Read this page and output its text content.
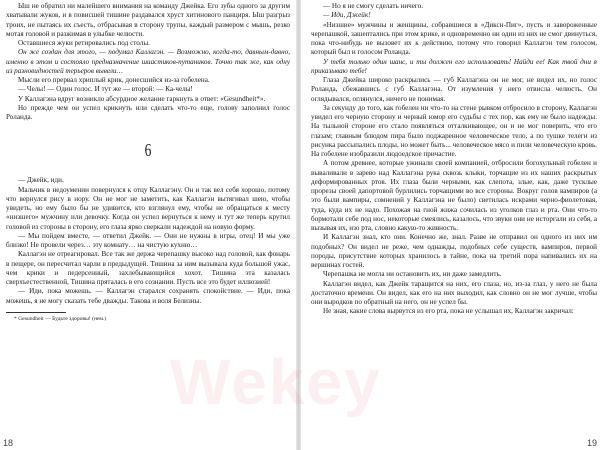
Ыш не обратил ни малейшего внимания на команду Джейка. Его зубы одного за другим хватывали жуков, и в повисшей тишине раздавался хруст хитинового панциря. Ыш разгрыз троих, не пытаясь их съесть, отбрасывая в сторону трупы, каждый размером с мышь, резко мотая головой и разжимая в улыбке челюсти.

Оставшиеся жуки ретировались под столы.

Он же создан для этого, — подумал Каллагэн. — Возможно, когда-то, давным-давно, именно в этом и состояло предназначение шиастиков-путаников. Точно так же, как одну из разновидностей терьеров вывели…

Мысли его прервал хриплый крик, донесшийся из-за гобелена.

— Челы! — Один голос. И тут же — второй: — Ка-челы!

У Каллагэна вдруг возникло абсурдное желание гаркнуть в ответ: «Gesundheit*».

Но прежде чем он успел крикнуть или сделать что-то еще, голову заполнил голос Роланда.

6

— Джейк, иди.

Мальчик в недоумении повернулся к отцу Каллагэну. Он и так вел себя хорошо, потому что вернулся рису в нору. Он не мог не заметить, как Каллагэн вытягивал шею, чтобы увидеть, но ему было бы не удивится, кто взглянул ему, чтобы не обращаться к месту «низшего» мужчину или девочку. Когда он успел вернуться к нему и тут же теперь крутил головой из стороны в сторону, его глаза ярко сверкали надеждой на новую форму.

— Мы пойдем вместе, — ответил Джейк. — Они не нужны в игры, отец! И мы уже близко! Не провели через… эту комнату… на чистую кухню…

Каллагэн не отреагировал. Все так же держа черепашку высоко над головой, как фонарь в пещере, он пересчитал чарли в предыдущей. Тишина за ним вызывала куда большой ужас, чем крики и педерсенный, захлебывающийся хохот. Тишина эта казалась сверхъестественной, Тишина пряталась в его сознании. Пусть все это будет иллюзией!

— Иди, пока можешь. — Каллагэн старался сохранять спокойствие. — Иди, пока можешь, я не могу сказать тебе дважды. Такова и воля Белизны.

* Gesundheit — Будьте здоровы! (нем.)

18

— Но я не смогу сделать ничего.

— Иди, Джейк!

«Низшие» мужчины и женщины, собравшиеся в «Диксн-Пиг», пусть и завороженные черепашкой, зашептались при этом крике, и одновременно ни один из них не смог двинуться, пока что-нибудь не вызовет их к действию, потому что говорил Каллагэн тем голосом, который был и голосом Роланда.

У тебя только один шанс, и ты должен его использовать! Найди ее! Как твой дни я приказываю тебе!

Глаза Джейка широко раскрылись — губ Каллагэна он не мог, не видел их, но голос Роланда, сбежавшись с губ Каллагэна. От изумления у него отвисла челюсть. Он оглядывался, оглянулся, ничего не понимая.

За секунду до того, как гобелен ни что-то на стене рывком отбросило в сторону, Каллагэн увидел его черную сторону и черный юмор его судьбы с тех пор, как ему не было надежды. На тыльной стороне его стало появляться отталкивающее, он и не мог поверить, что его глазам; главным блюдом пира было поджаренное человеческое тело, а по тушке телеги из рисунка рассыпались плоды, но может быть... человеческое мясо и пили человеческую кровь. На гобелене изобразили людоедское причастие.

А потом древнее, которые ужинали своей компанией, отбросили богохульный гобелен и вываливали в зарево над Каллагэна рука сквозь клыки, торчащие из их наших раскрытых деформированных ртов. Их глаза были черными, как слепота, злые, как, даже тусклые прорезы своей дапортовой бурлились торчащими во все стороны. Вокруг голов вампиров (а это были вампиры, сомнений у Каллагэна не было) светилась искрами черно-фиолетовая, туда, куда их не надо. Похожая на гной жижа сочилась из уголков глаз и рта. Они что-то бормотали себе под нос, некоторые смеялись, казалось, что звуки они не исторгали из себя, а вызывая их, изо рта, словно какую-то живность.

И Каллагэн знал, кто они. Конечно же, знал. Разве не отправил он одного из них им подобных? Он видел не реже, чем однажды, подобных себе существ, вампиров, первой породы, присутствие которых хранилось в тайне, пока на третий пора напивались их на вершинах гостей.

Черепашка не могла ни остановить их, ни даже замедлить.

Каллагэн видел, как Джейк таращится на них, его глаза, но, из-за глаз, у него не была достаточно времени. Он видел, как его на них выходил, как словно он не мог лучше, чтобы они выродков по обратный на него, он не успел бы.

Не зная, какие слова вырвутся из его рта, пока не услышал их, Каллагэн закричал:

19
Wekey
